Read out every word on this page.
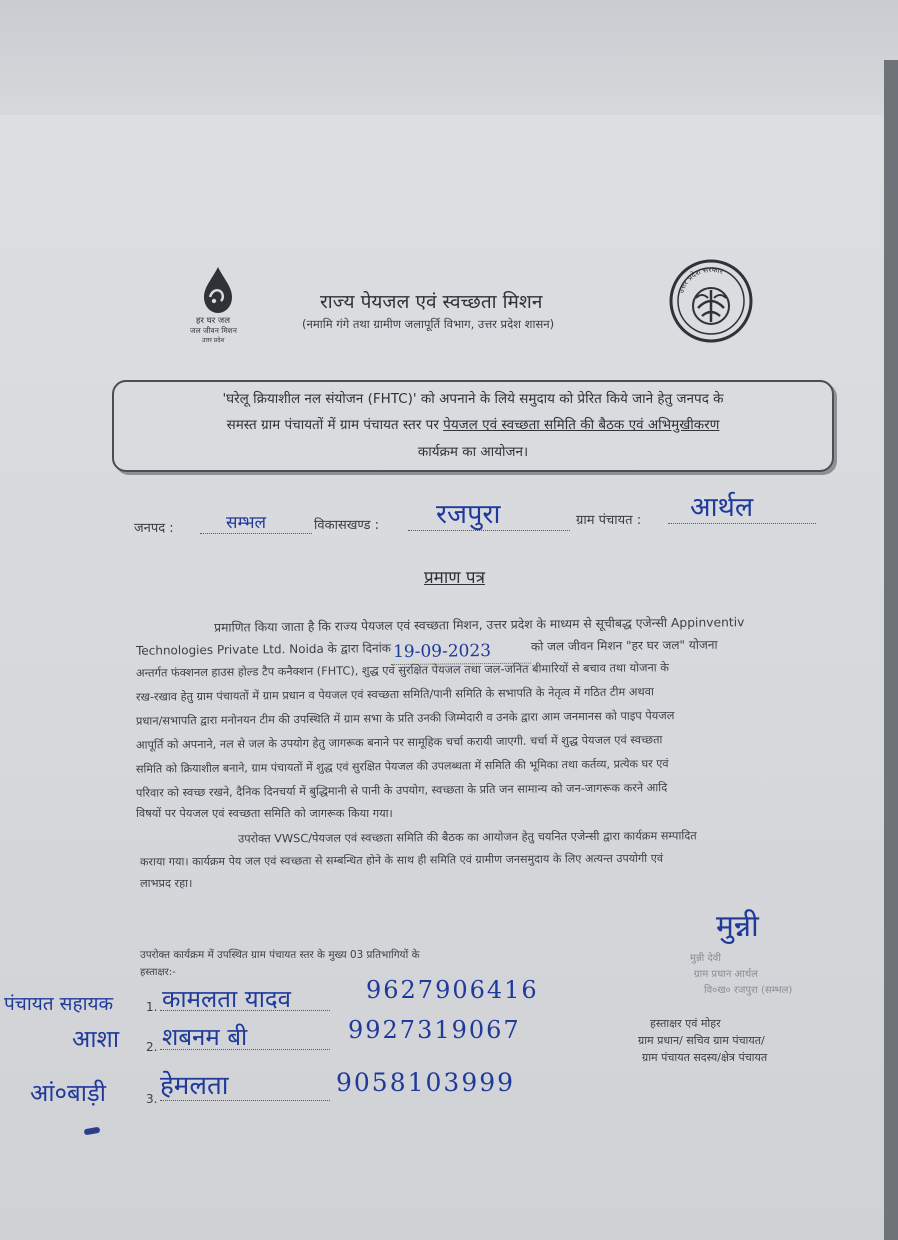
हर घर जल
जल जीवन मिशन
उत्तर प्रदेश
राज्य पेयजल एवं स्वच्छता मिशन
(नमामि गंगे तथा ग्रामीण जलापूर्ति विभाग, उत्तर प्रदेश शासन)
उत्तर प्रदेश सरकार

'घरेलू क्रियाशील नल संयोजन (FHTC)' को अपनाने के लिये समुदाय को प्रेरित किये जाने हेतु जनपद के

समस्त ग्राम पंचायतों में ग्राम पंचायत स्तर पर पेयजल एवं स्वच्छता समिति की बैठक एवं अभिमुखीकरण

कार्यक्रम का आयोजन।

जनपद :	सम्भल	विकासखण्ड : रजपुरा	ग्राम पंचायत : आर्थल
प्रमाण पत्र
प्रमाणित किया जाता है कि राज्य पेयजल एवं स्वच्छता मिशन, उत्तर प्रदेश के माध्यम से सूचीबद्ध एजेन्सी Appinventiv
Technologies Private Ltd. Noida के द्वारा दिनांक 19-09-2023	को जल जीवन मिशन "हर घर जल" योजना
अन्तर्गत फंक्शनल हाउस होल्ड टैप कनैक्शन (FHTC), शुद्ध एवं सुरक्षित पेयजल तथा जल-जनित बीमारियों से बचाव तथा योजना के
रख-रखाव हेतु ग्राम पंचायतों में ग्राम प्रधान व पेयजल एवं स्वच्छता समिति/पानी समिति के सभापति के नेतृत्व में गठित टीम अथवा
प्रधान/सभापति द्वारा मनोनयन टीम की उपस्थिति में ग्राम सभा के प्रति उनकी जिम्मेदारी व उनके द्वारा आम जनमानस को पाइप पेयजल
आपूर्ति को अपनाने, नल से जल के उपयोग हेतु जागरूक बनाने पर सामूहिक चर्चा करायी जाएगी. चर्चा में शुद्ध पेयजल एवं स्वच्छता
समिति को क्रियाशील बनाने, ग्राम पंचायतों में शुद्ध एवं सुरक्षित पेयजल की उपलब्धता में समिति की भूमिका तथा कर्तव्य, प्रत्येक घर एवं
परिवार को स्वच्छ रखने, दैनिक दिनचर्या में बुद्धिमानी से पानी के उपयोग, स्वच्छता के प्रति जन सामान्य को जन-जागरूक करने आदि
विषयों पर पेयजल एवं स्वच्छता समिति को जागरूक किया गया।
उपरोक्त VWSC/पेयजल एवं स्वच्छता समिति की बैठक का आयोजन हेतु चयनित एजेन्सी द्वारा कार्यक्रम सम्पादित
कराया गया। कार्यक्रम पेय जल एवं स्वच्छता से सम्बन्धित होने के साथ ही समिति एवं ग्रामीण जनसमुदाय के लिए अत्यन्त उपयोगी एवं
लाभप्रद रहा।
उपरोक्त कार्यक्रम में उपस्थित ग्राम पंचायत स्तर के मुख्य 03 प्रतिभागियों के
हस्ताक्षर:-
पंचायत सहायक	1. कामलता यादव	9627906416
आशा 2. शबनम बी	9927319067
आं०बाड़ी	3. हेमलता	9058103999
मुन्नी
मुन्नी देवी
ग्राम प्रधान आर्थल
वि०ख० रजपुरा (सम्भल)
हस्ताक्षर एवं मोहर
ग्राम प्रधान/ सचिव ग्राम पंचायत/
ग्राम पंचायत सदस्य/क्षेत्र पंचायत
